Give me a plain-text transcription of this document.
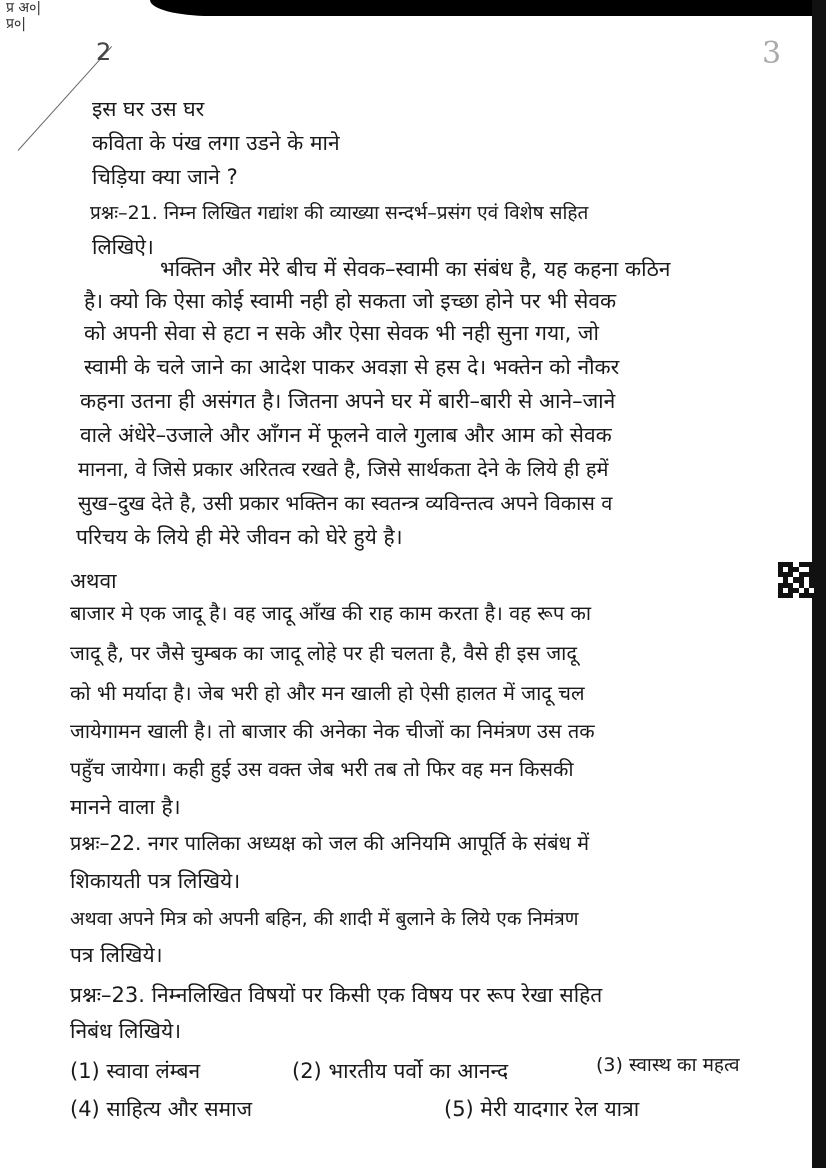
प्र अ०|
प्र०|
2	3
इस घर उस घर
कविता के पंख लगा उडने के माने
चिड़िया क्या जाने ?
प्रश्नः–21. निम्न लिखित गद्यांश की व्याख्या सन्दर्भ–प्रसंग एवं विशेष सहित
लिखिऐ।
भक्तिन और मेरे बीच में सेवक–स्वामी का संबंध है, यह कहना कठिन
है। क्यो कि ऐसा कोई स्वामी नही हो सकता जो इच्छा होने पर भी सेवक
को अपनी सेवा से हटा न सके और ऐसा सेवक भी नही सुना गया, जो
स्वामी के चले जाने का आदेश पाकर अवज्ञा से हस दे। भक्तेन को नौकर
कहना उतना ही असंगत है। जितना अपने घर में बारी–बारी से आने–जाने
वाले अंधेरे–उजाले और आँगन में फूलने वाले गुलाब और आम को सेवक
मानना, वे जिसे प्रकार अरितत्व रखते है, जिसे सार्थकता देने के लिये ही हमें
सुख–दुख देते है, उसी प्रकार भक्तिन का स्वतन्त्र व्यविन्तत्व अपने विकास व
परिचय के लिये ही मेरे जीवन को घेरे हुये है।
अथवा
बाजार मे एक जादू है। वह जादू आँख की राह काम करता है। वह रूप का
जादू है, पर जैसे चुम्बक का जादू लोहे पर ही चलता है, वैसे ही इस जादू
को भी मर्यादा है। जेब भरी हो और मन खाली हो ऐसी हालत में जादू चल
जायेगामन खाली है। तो बाजार की अनेका नेक चीजों का निमंत्रण उस तक
पहुँच जायेगा। कही हुई उस वक्त जेब भरी तब तो फिर वह मन किसकी
मानने वाला है।
प्रश्नः–22. नगर पालिका अध्यक्ष को जल की अनियमि आपूर्ति के संबंध में
शिकायती पत्र लिखिये।
अथवा अपने मित्र को अपनी बहिन, की शादी में बुलाने के लिये एक निमंत्रण
पत्र लिखिये।
प्रश्नः–23. निम्नलिखित विषयों पर किसी एक विषय पर रूप रेखा सहित
निबंध लिखिये।
(1) स्वावा लंम्बन	(2) भारतीय पर्वो का आनन्द	(3) स्वास्थ का महत्व
(4) साहित्य और समाज	(5) मेरी यादगार रेल यात्रा
